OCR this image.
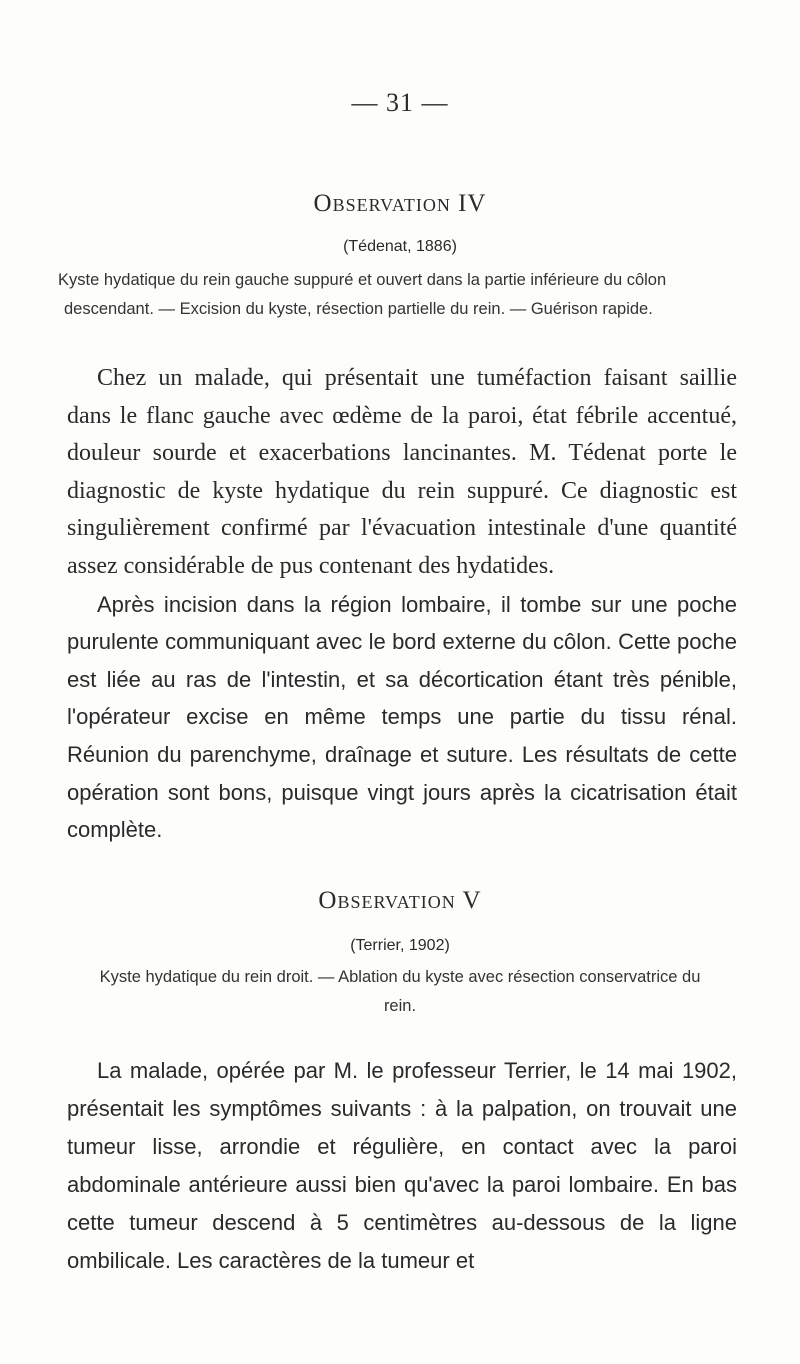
— 31 —
Observation IV
(Tédenat, 1886)
Kyste hydatique du rein gauche suppuré et ouvert dans la partie inférieure du côlon descendant. — Excision du kyste, résection partielle du rein. — Guérison rapide.

Chez un malade, qui présentait une tuméfaction faisant saillie dans le flanc gauche avec œdème de la paroi, état fébrile accentué, douleur sourde et exacerbations lancinantes. M. Tédenat porte le diagnostic de kyste hydatique du rein suppuré. Ce diagnostic est singulièrement confirmé par l'évacuation intestinale d'une quantité assez considérable de pus contenant des hydatides.

Après incision dans la région lombaire, il tombe sur une poche purulente communiquant avec le bord externe du côlon. Cette poche est liée au ras de l'intestin, et sa décortication étant très pénible, l'opérateur excise en même temps une partie du tissu rénal. Réunion du parenchyme, draînage et suture. Les résultats de cette opération sont bons, puisque vingt jours après la cicatrisation était complète.

Observation V
(Terrier, 1902)
Kyste hydatique du rein droit. — Ablation du kyste avec résection conservatrice du rein.

La malade, opérée par M. le professeur Terrier, le 14 mai 1902, présentait les symptômes suivants : à la palpation, on trouvait une tumeur lisse, arrondie et régulière, en contact avec la paroi abdominale antérieure aussi bien qu'avec la paroi lombaire. En bas cette tumeur descend à 5 centimètres au-dessous de la ligne ombilicale. Les caractères de la tumeur et
